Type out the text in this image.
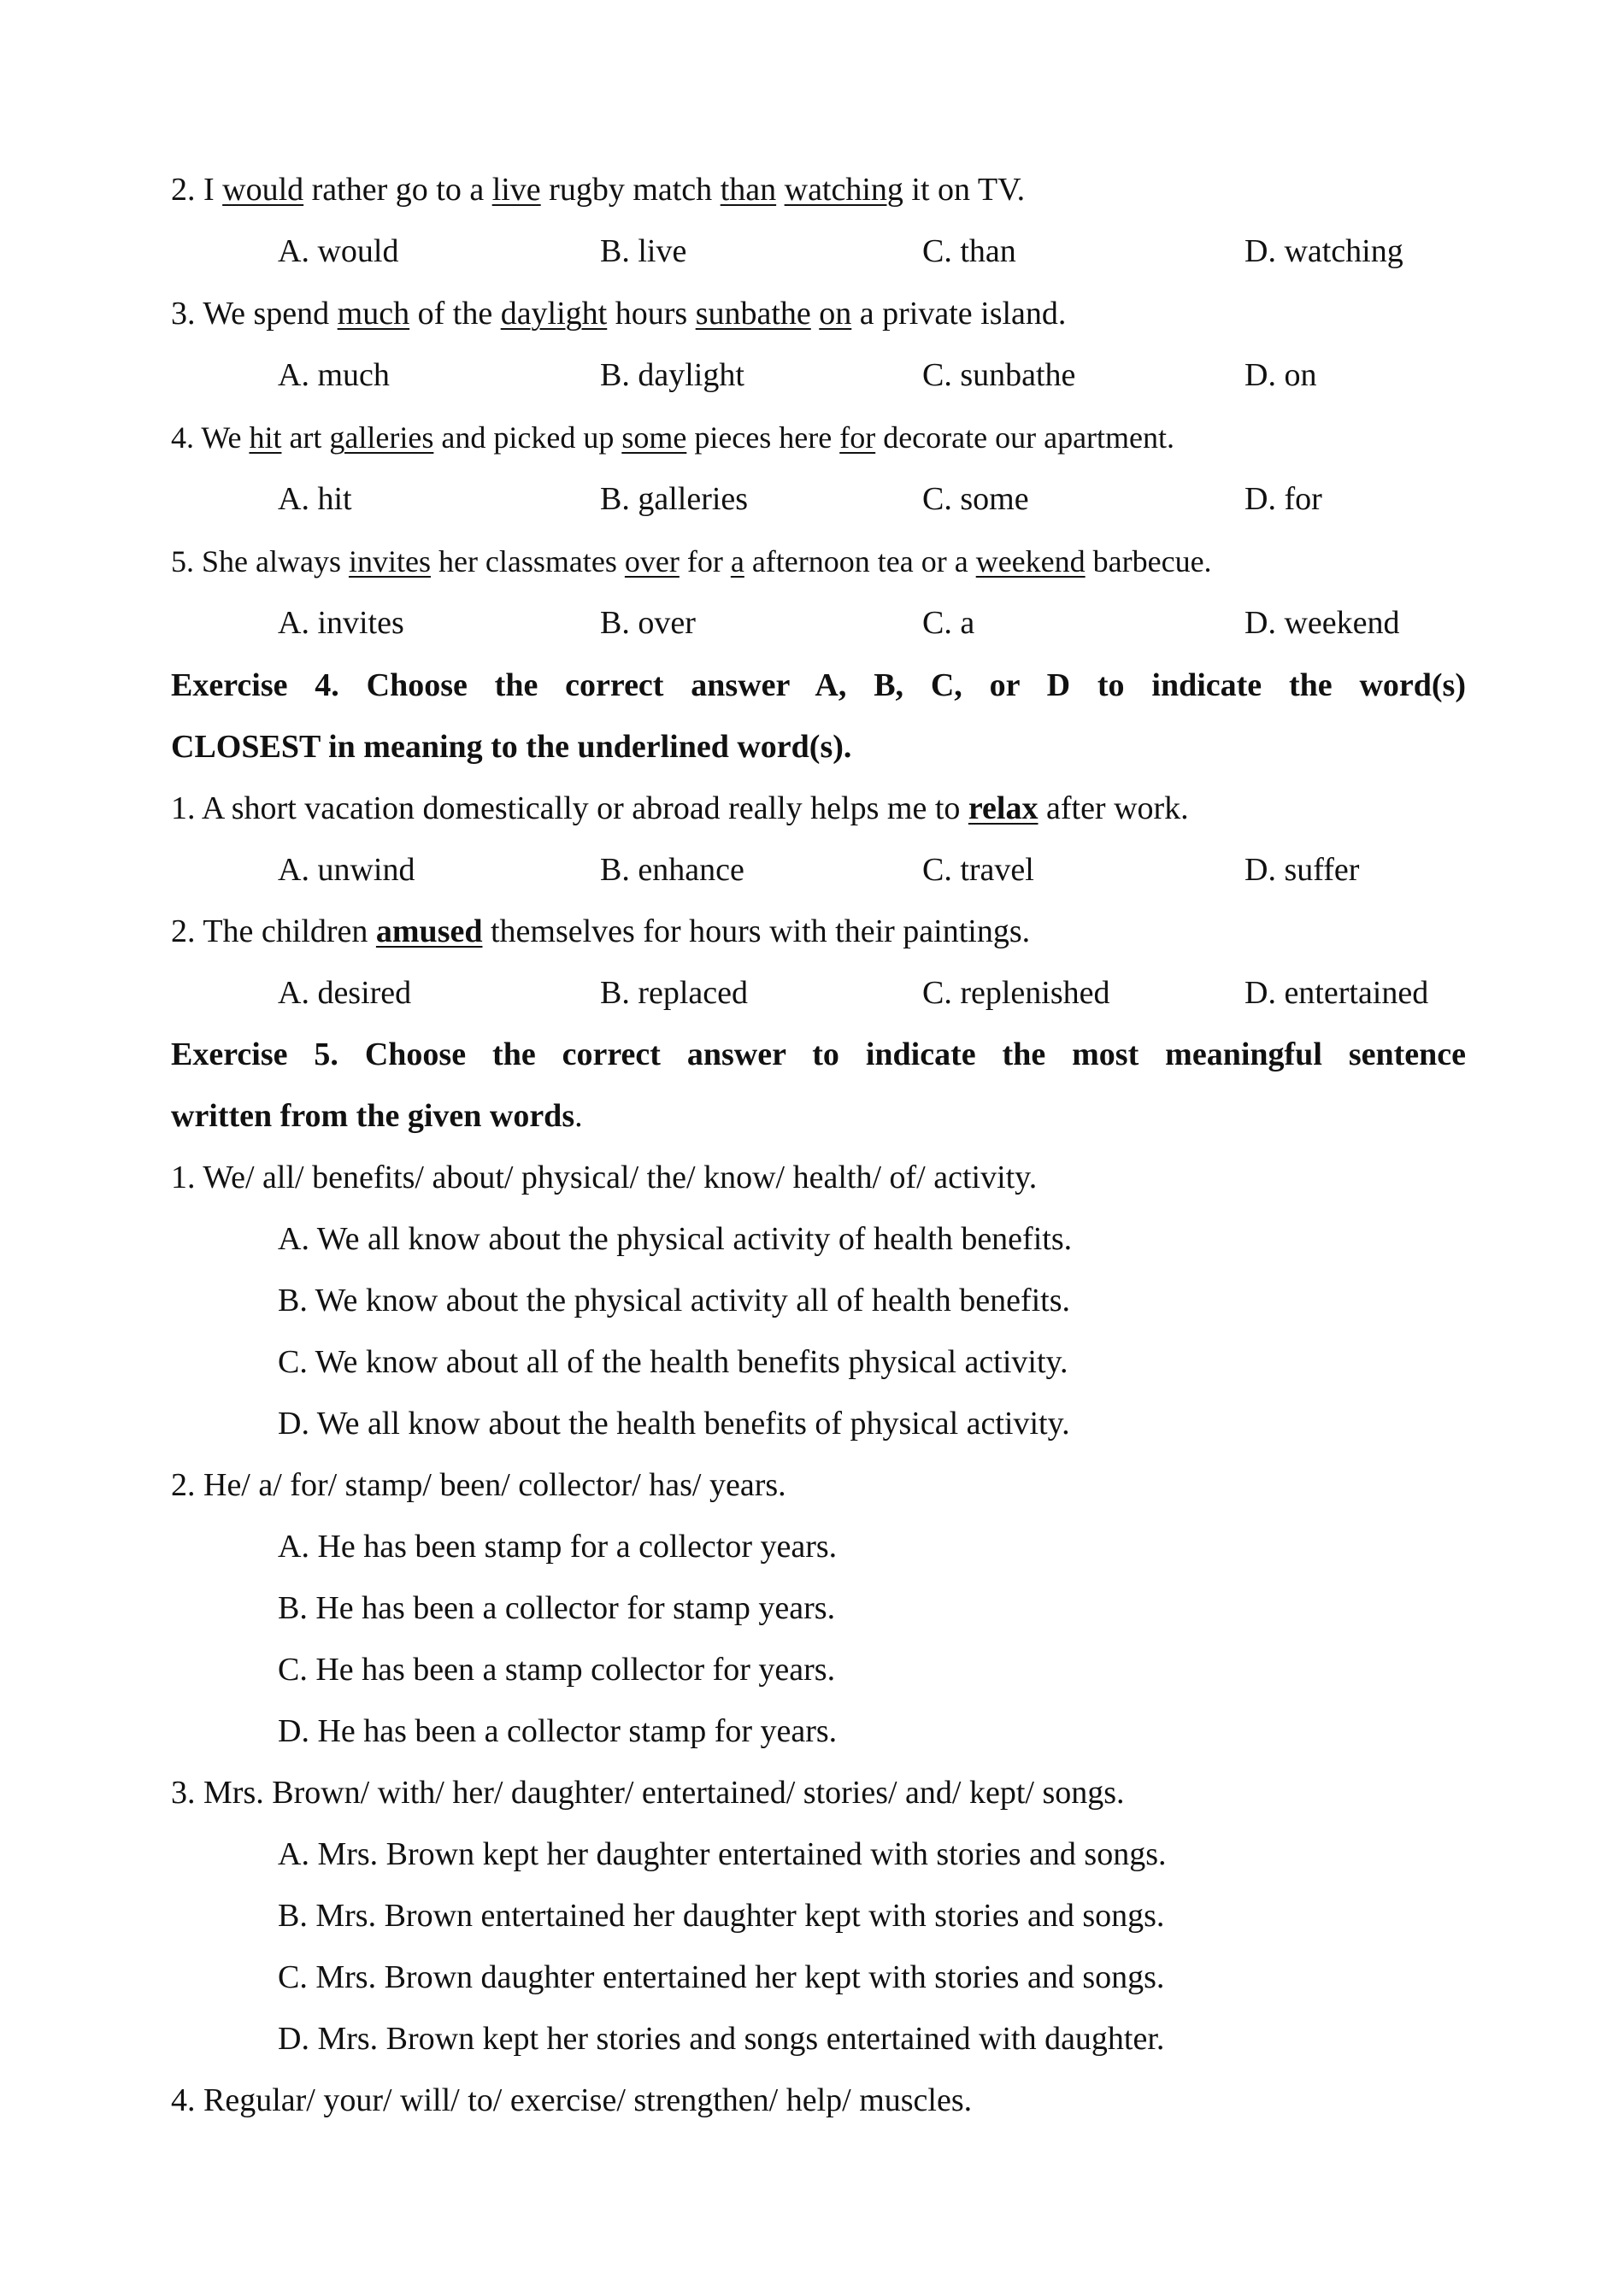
2. I would rather go to a live rugby match than watching it on TV.
A. would	B. live	C. than	D. watching
3. We spend much of the daylight hours sunbathe on a private island.
A. much	B. daylight	C. sunbathe	D. on
4. We hit art galleries and picked up some pieces here for decorate our apartment.
A. hit	B. galleries	C. some	D. for
5. She always invites her classmates over for a afternoon tea or a weekend barbecue.
A. invites	B. over	C. a	D. weekend
Exercise 4. Choose the correct answer A, B, C, or D to indicate the word(s)
CLOSEST in meaning to the underlined word(s).
1. A short vacation domestically or abroad really helps me to relax after work.
A. unwind	B. enhance	C. travel	D. suffer
2. The children amused themselves for hours with their paintings.
A. desired	B. replaced	C. replenished	D. entertained
Exercise 5. Choose the correct answer to indicate the most meaningful sentence
written from the given words.
1. We/ all/ benefits/ about/ physical/ the/ know/ health/ of/ activity.
A. We all know about the physical activity of health benefits.
B. We know about the physical activity all of health benefits.
C. We know about all of the health benefits physical activity.
D. We all know about the health benefits of physical activity.
2. He/ a/ for/ stamp/ been/ collector/ has/ years.
A. He has been stamp for a collector years.
B. He has been a collector for stamp years.
C. He has been a stamp collector for years.
D. He has been a collector stamp for years.
3. Mrs. Brown/ with/ her/ daughter/ entertained/ stories/ and/ kept/ songs.
A. Mrs. Brown kept her daughter entertained with stories and songs.
B. Mrs. Brown entertained her daughter kept with stories and songs.
C. Mrs. Brown daughter entertained her kept with stories and songs.
D. Mrs. Brown kept her stories and songs entertained with daughter.
4. Regular/ your/ will/ to/ exercise/ strengthen/ help/ muscles.
